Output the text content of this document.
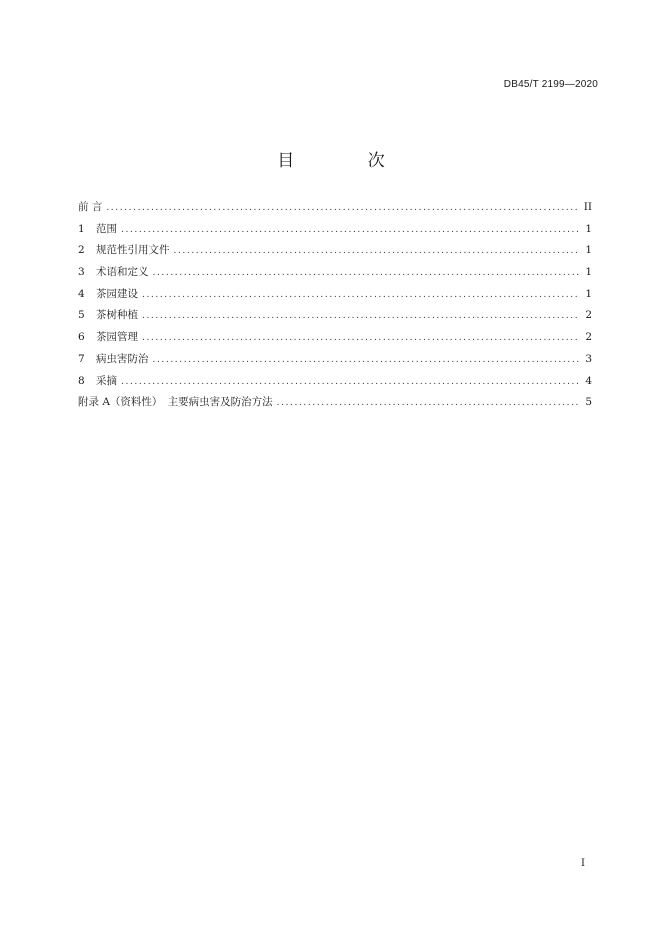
DB45/T 2199—2020
目 次
前 言 .....	II
1	范围 .....	1
2	规范性引用文件 .....	1
3	术语和定义 .....	1
4	茶园建设 .....	1
5	茶树种植 .....	2
6	茶园管理 .....	2
7	病虫害防治 .....	3
8	采摘 .....	4
附录 A（资料性）　主要病虫害及防治方法 .....	5
I
